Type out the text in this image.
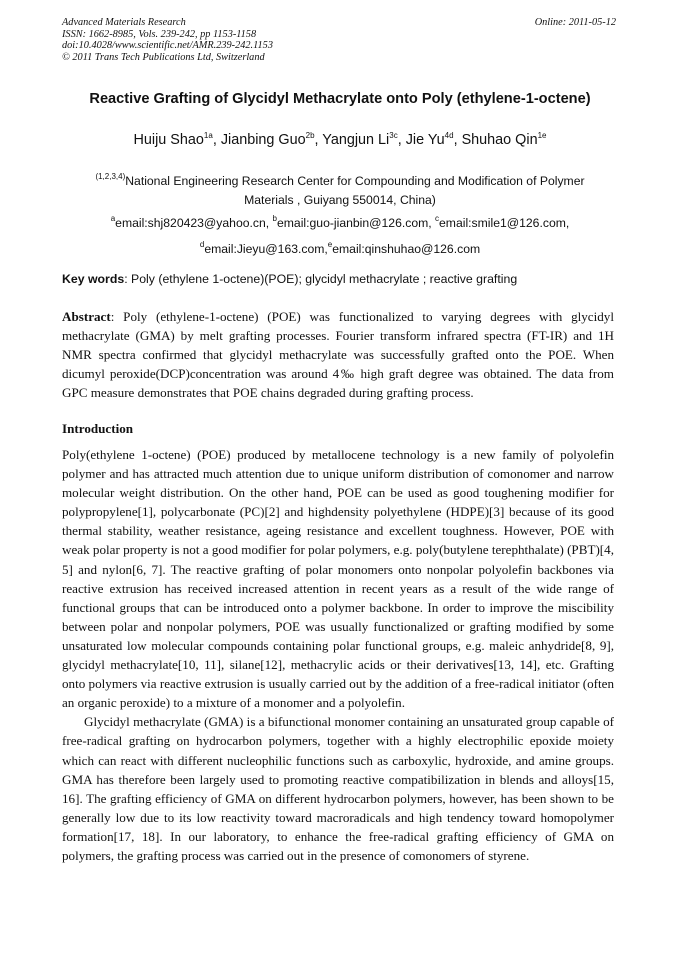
Advanced Materials Research
ISSN: 1662-8985, Vols. 239-242, pp 1153-1158
doi:10.4028/www.scientific.net/AMR.239-242.1153
© 2011 Trans Tech Publications Ltd, Switzerland
Online: 2011-05-12
Reactive Grafting of Glycidyl Methacrylate onto Poly (ethylene-1-octene)
Huiju Shao$^{1a}$, Jianbing Guo$^{2b}$, Yangjun $Li^{3c}$, Jie $Yu^{4d}$, Shuhao Qin$^{1e}$
$^{(1,2,3,4)}$National Engineering Research Center for Compounding and Modification of Polymer
Materials , Guiyang 550014, China)
$^a$email:shj820423@yahoo.cn, $^b$email:guo-jianbin@126.com, $^c$email:smile1@126.com,
$^d$email:Jieyu@163.com,$^e$email:qinshuhao@126.com
Key words: Poly (ethylene 1-octene)(POE); glycidyl methacrylate ; reactive grafting
Abstract: Poly (ethylene-1-octene) (POE) was functionalized to varying degrees with glycidyl methacrylate (GMA) by melt grafting processes. Fourier transform infrared spectra (FT-IR) and 1H NMR spectra confirmed that glycidyl methacrylate was successfully grafted onto the POE. When dicumyl peroxide(DCP)concentration was around 4‰ high graft degree was obtained. The data from GPC measure demonstrates that POE chains degraded during grafting process.
Introduction

Poly(ethylene 1-octene) (POE) produced by metallocene technology is a new family of polyolefin polymer and has attracted much attention due to unique uniform distribution of comonomer and narrow molecular weight distribution. On the other hand, POE can be used as good toughening modifier for polypropylene[1], polycarbonate (PC)[2] and highdensity polyethylene (HDPE)[3] because of its good thermal stability, weather resistance, ageing resistance and excellent toughness. However, POE with weak polar property is not a good modifier for polar polymers, e.g. poly(butylene terephthalate) (PBT)[4, 5] and nylon[6, 7]. The reactive grafting of polar monomers onto nonpolar polyolefin backbones via reactive extrusion has received increased attention in recent years as a result of the wide range of functional groups that can be introduced onto a polymer backbone. In order to improve the miscibility between polar and nonpolar polymers, POE was usually functionalized or grafting modified by some unsaturated low molecular compounds containing polar functional groups, e.g. maleic anhydride[8, 9], glycidyl methacrylate[10, 11], silane[12], methacrylic acids or their derivatives[13, 14], etc. Grafting onto polymers via reactive extrusion is usually carried out by the addition of a free-radical initiator (often an organic peroxide) to a mixture of a monomer and a polyolefin.

Glycidyl methacrylate (GMA) is a bifunctional monomer containing an unsaturated group capable of free-radical grafting on hydrocarbon polymers, together with a highly electrophilic epoxide moiety which can react with different nucleophilic functions such as carboxylic, hydroxide, and amine groups. GMA has therefore been largely used to promoting reactive compatibilization in blends and alloys[15, 16]. The grafting efficiency of GMA on different hydrocarbon polymers, however, has been shown to be generally low due to its low reactivity toward macroradicals and high tendency toward homopolymer formation[17, 18]. In our laboratory, to enhance the free-radical grafting efficiency of GMA on polymers, the grafting process was carried out in the presence of comonomers of styrene.
